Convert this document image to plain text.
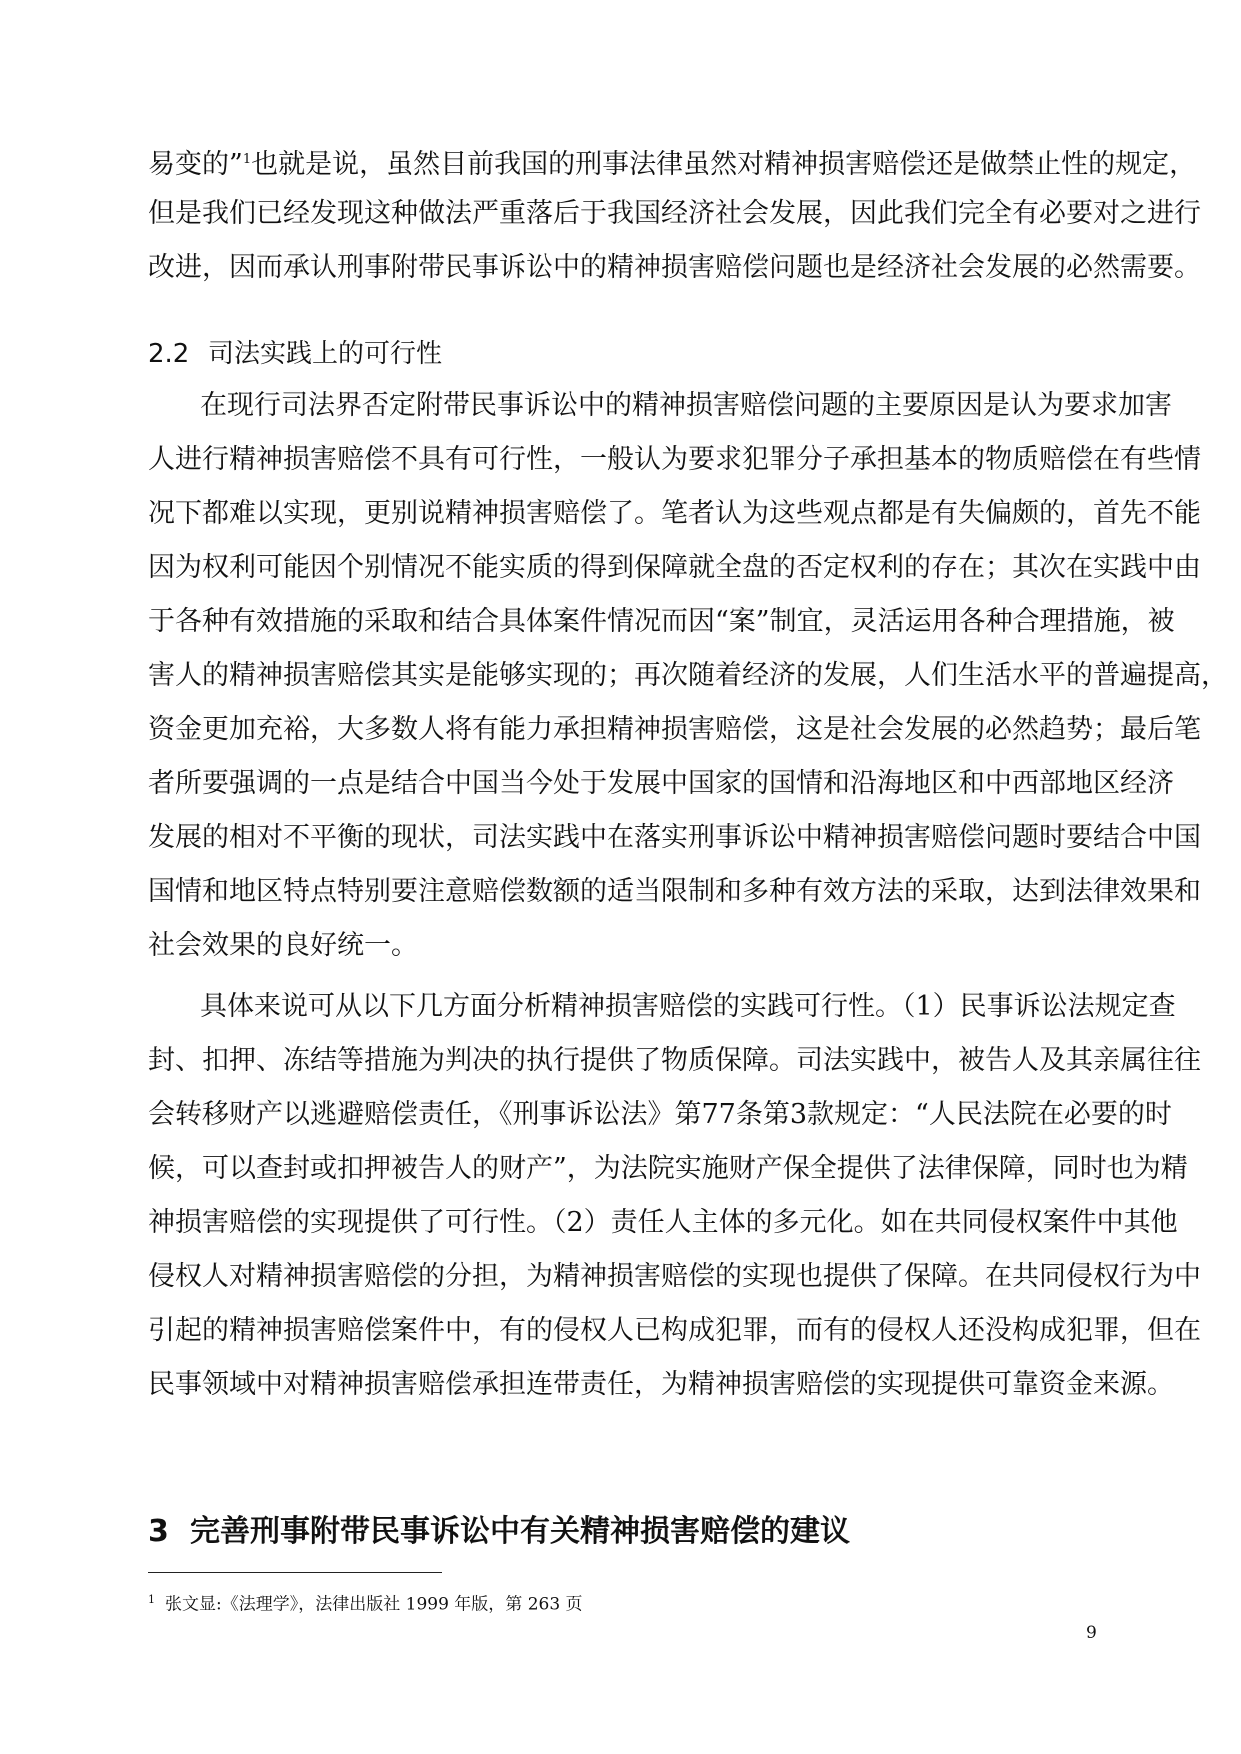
易变的”$^1$也就是说，虽然目前我国的刑事法律虽然对精神损害赔偿还是做禁止性的规定，
但是我们已经发现这种做法严重落后于我国经济社会发展，因此我们完全有必要对之进行
改进，因而承认刑事附带民事诉讼中的精神损害赔偿问题也是经济社会发展的必然需要。
2.2 司法实践上的可行性
在现行司法界否定附带民事诉讼中的精神损害赔偿问题的主要原因是认为要求加害
人进行精神损害赔偿不具有可行性，一般认为要求犯罪分子承担基本的物质赔偿在有些情
况下都难以实现，更别说精神损害赔偿了。笔者认为这些观点都是有失偏颇的，首先不能
因为权利可能因个别情况不能实质的得到保障就全盘的否定权利的存在；其次在实践中由
于各种有效措施的采取和结合具体案件情况而因“案”制宜，灵活运用各种合理措施，被
害人的精神损害赔偿其实是能够实现的；再次随着经济的发展，人们生活水平的普遍提高，
资金更加充裕，大多数人将有能力承担精神损害赔偿，这是社会发展的必然趋势；最后笔
者所要强调的一点是结合中国当今处于发展中国家的国情和沿海地区和中西部地区经济
发展的相对不平衡的现状，司法实践中在落实刑事诉讼中精神损害赔偿问题时要结合中国
国情和地区特点特别要注意赔偿数额的适当限制和多种有效方法的采取，达到法律效果和
社会效果的良好统一。
具体来说可从以下几方面分析精神损害赔偿的实践可行性。（1）民事诉讼法规定查
封、扣押、冻结等措施为判决的执行提供了物质保障。司法实践中，被告人及其亲属往往
会转移财产以逃避赔偿责任，《刑事诉讼法》第77条第3款规定：“人民法院在必要的时
候，可以查封或扣押被告人的财产”，为法院实施财产保全提供了法律保障，同时也为精
神损害赔偿的实现提供了可行性。（2）责任人主体的多元化。如在共同侵权案件中其他
侵权人对精神损害赔偿的分担，为精神损害赔偿的实现也提供了保障。在共同侵权行为中
引起的精神损害赔偿案件中，有的侵权人已构成犯罪，而有的侵权人还没构成犯罪，但在
民事领域中对精神损害赔偿承担连带责任，为精神损害赔偿的实现提供可靠资金来源。
3 完善刑事附带民事诉讼中有关精神损害赔偿的建议
$^1$ 张文显:《法理学》，法律出版社 1999 年版，第 263 页
9
